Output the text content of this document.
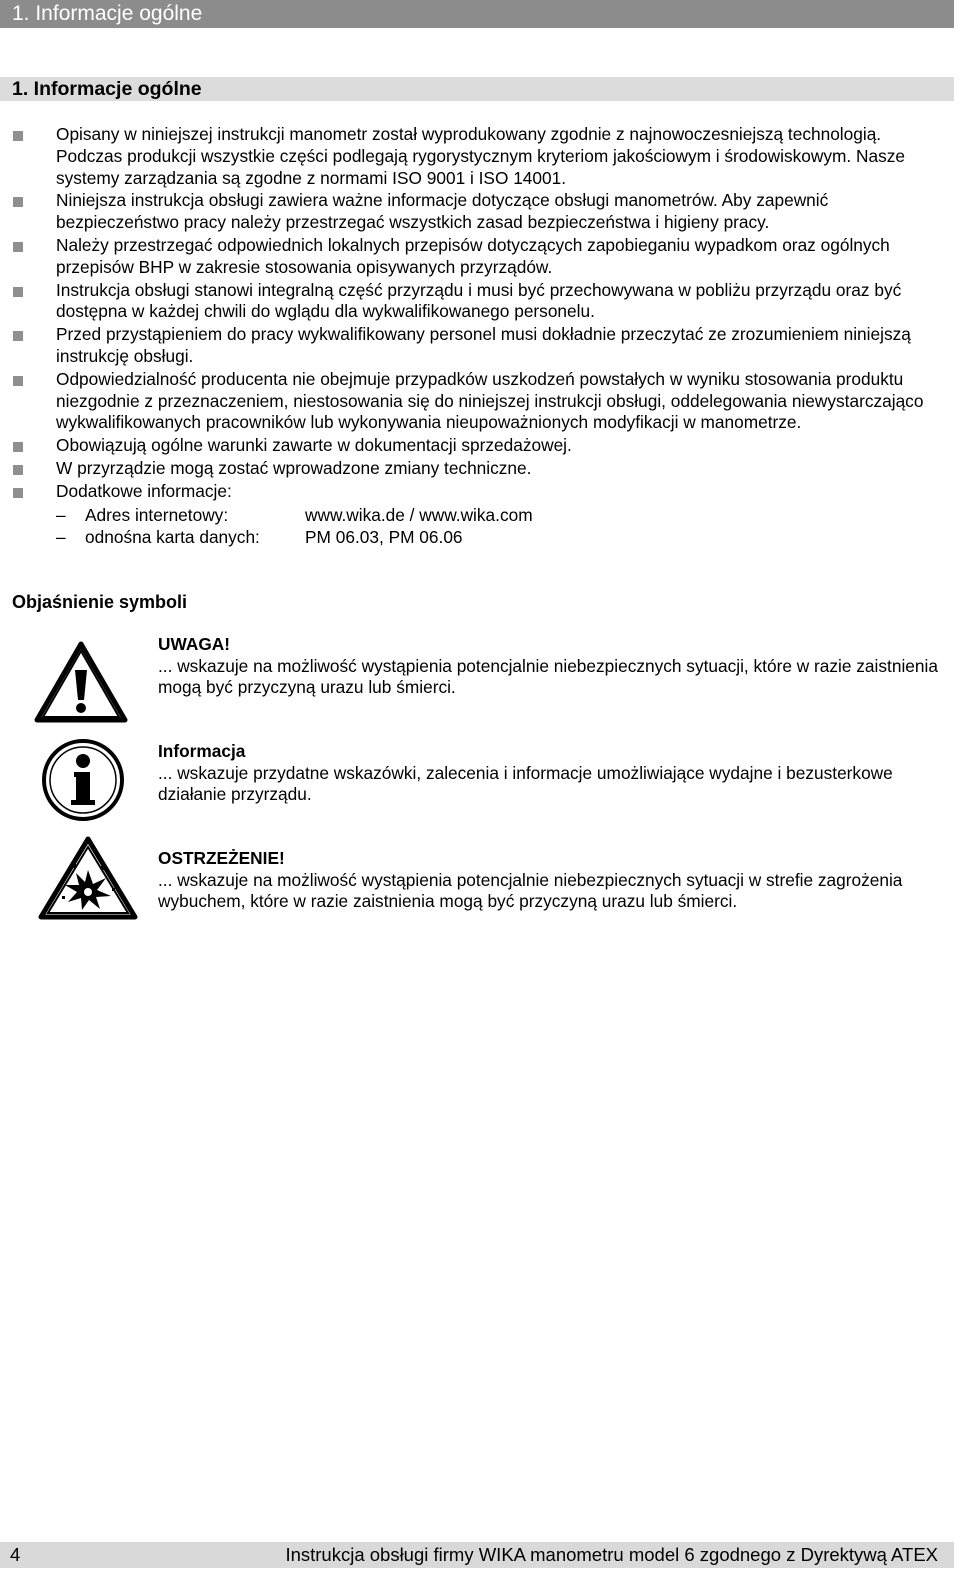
1. Informacje ogólne
1. Informacje ogólne
Opisany w niniejszej instrukcji manometr został wyprodukowany zgodnie z najnowoczesniejszą technologią. Podczas produkcji wszystkie części podlegają rygorystycznym kryteriom jakościowym i środowiskowym. Nasze systemy zarządzania są zgodne z normami ISO 9001 i ISO 14001.
Niniejsza instrukcja obsługi zawiera ważne informacje dotyczące obsługi manometrów. Aby zapewnić bezpieczeństwo pracy należy przestrzegać wszystkich zasad bezpieczeństwa i higieny pracy.
Należy przestrzegać odpowiednich lokalnych przepisów dotyczących zapobieganiu wypadkom oraz ogólnych przepisów BHP w zakresie stosowania opisywanych przyrządów.
Instrukcja obsługi stanowi integralną część przyrządu i musi być przechowywana w pobliżu przyrządu oraz być dostępna w każdej chwili do wglądu dla wykwalifikowanego personelu.
Przed przystąpieniem do pracy wykwalifikowany personel musi dokładnie przeczytać ze zrozumieniem niniejszą instrukcję obsługi.
Odpowiedzialność producenta nie obejmuje przypadków uszkodzeń powstałych w wyniku stosowania produktu niezgodnie z przeznaczeniem, niestosowania się do niniejszej instrukcji obsługi, oddelegowania niewystarczająco wykwalifikowanych pracowników lub wykonywania nieupoważnionych modyfikacji w manometrze.
Obowiązują ogólne warunki zawarte w dokumentacji sprzedażowej.
W przyrządzie mogą zostać wprowadzone zmiany techniczne.
Dodatkowe informacje:
– Adres internetowy:	www.wika.de / www.wika.com
– odnośna karta danych:	PM 06.03, PM 06.06
Objaśnienie symboli
UWAGA!
... wskazuje na możliwość wystąpienia potencjalnie niebezpiecznych sytuacji, które w razie zaistnienia mogą być przyczyną urazu lub śmierci.
Informacja
... wskazuje przydatne wskazówki, zalecenia i informacje umożliwiające wydajne i bezusterkowe działanie przyrządu.
OSTRZEŻENIE!
... wskazuje na możliwość wystąpienia potencjalnie niebezpiecznych sytuacji w strefie zagrożenia wybuchem, które w razie zaistnienia mogą być przyczyną urazu lub śmierci.
4	Instrukcja obsługi firmy WIKA manometru model 6 zgodnego z Dyrektywą ATEX
